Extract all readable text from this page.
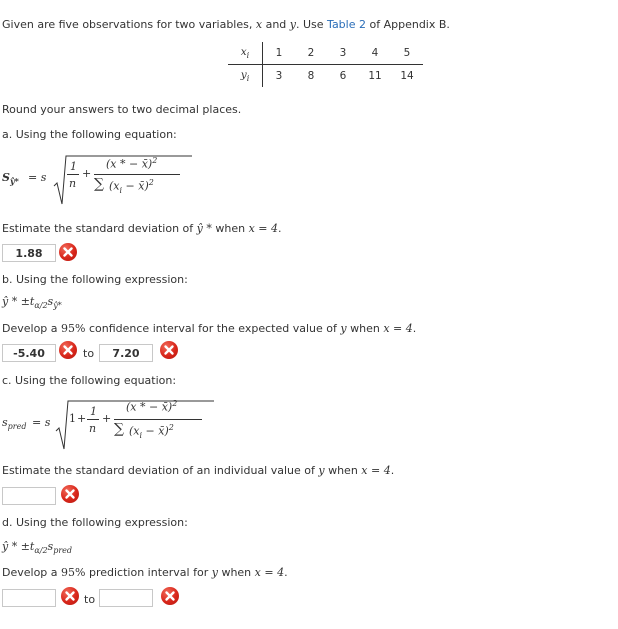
Given are five observations for two variables, x and y. Use Table 2 of Appendix B.
$x_i$	1	2	3	4	5
$y_i$	3	8	6	11	14
Round your answers to two decimal places.
a. Using the following equation:
$S_{ŷ*} = s$
1
n
+
(x * − x̄)$^2$
∑ ($x_i$ − x̄)$^2$
Estimate the standard deviation of ŷ * when x = 4.
1.88
b. Using the following expression:
ŷ * $\pm t_{\alpha/2}s_{ŷ*}$
Develop a 95% confidence interval for the expected value of y when x = 4.
-5.40	to	7.20
c. Using the following equation:
$s_{pred} = s$ 1 +
1
n
+
(x * − x̄)$^2$
∑ ($x_i$ − x̄)$^2$
Estimate the standard deviation of an individual value of y when x = 4.
d. Using the following expression:
ŷ * $\pm t_{\alpha/2}s_{pred}$
Develop a 95% prediction interval for y when x = 4.
to
